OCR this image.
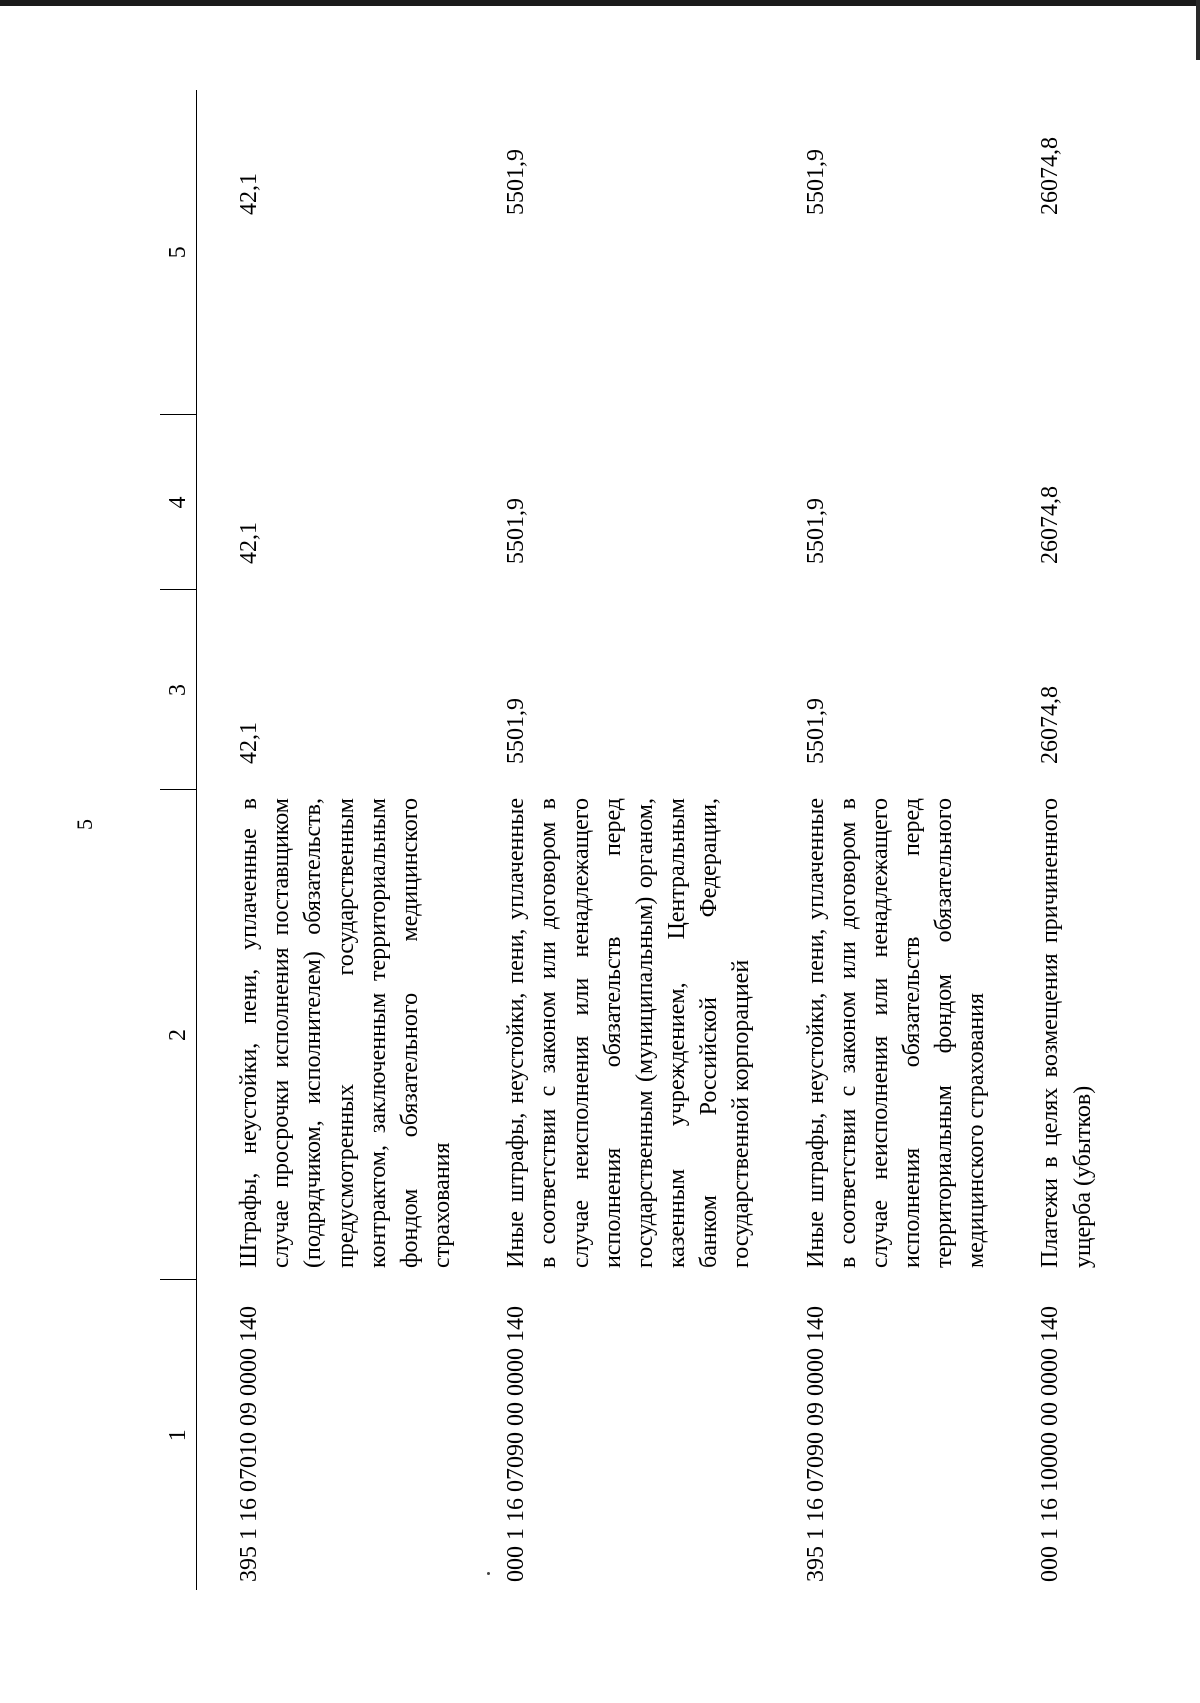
5
1	2	3	4	5

395 1 16 07010 09 0000 140	Штрафы, неустойки, пени, уплаченные в случае просрочки исполнения поставщиком (подрядчиком, исполнителем) обязательств, предусмотренных государственным контрактом, заключенным территориальным фондом обязательного медицинского страхования	42,1	42,1	42,1
000 1 16 07090 00 0000 140	Иные штрафы, неустойки, пени, уплаченные в соответствии с законом или договором в случае неисполнения или ненадлежащего исполнения обязательств перед государственным (муниципальным) органом, казенным учреждением, Центральным банком Российской Федерации, государственной корпорацией	5501,9	5501,9	5501,9
395 1 16 07090 09 0000 140	Иные штрафы, неустойки, пени, уплаченные в соответствии с законом или договором в случае неисполнения или ненадлежащего исполнения обязательств перед территориальным фондом обязательного медицинского страхования	5501,9	5501,9	5501,9
000 1 16 10000 00 0000 140	Платежи в целях возмещения причиненного ущерба (убытков)	26074,8	26074,8	26074,8
